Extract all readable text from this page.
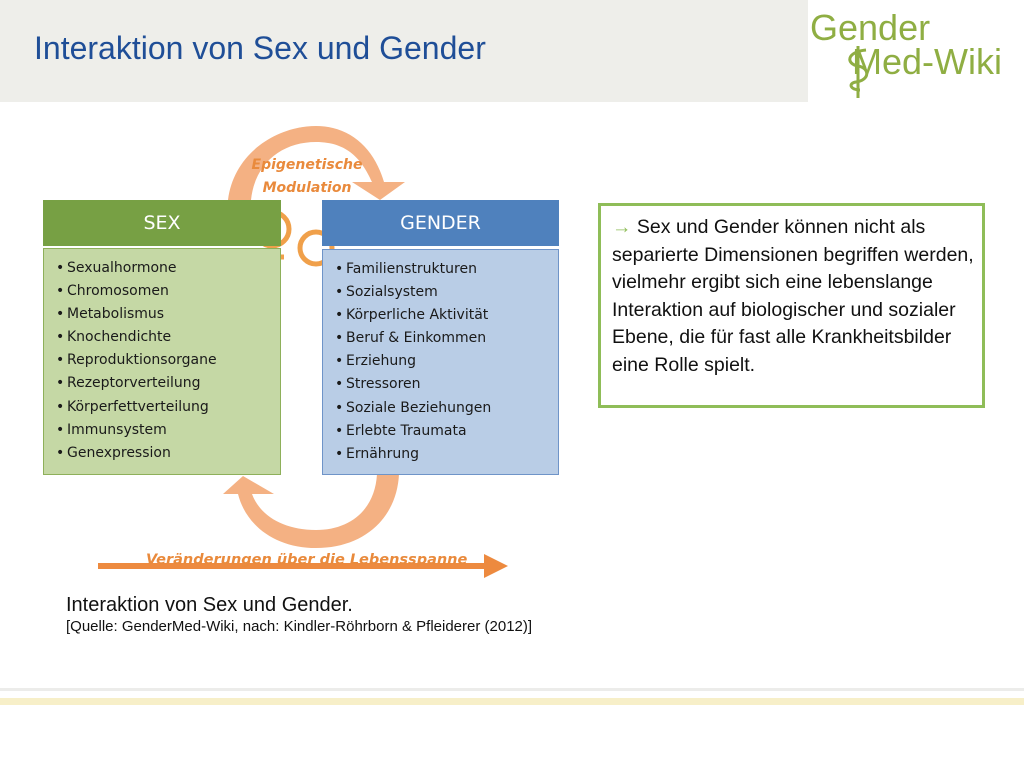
Interaktion von Sex und Gender	Gender
Med-Wiki
Epigenetische
Modulation
Veränderungen über die Lebensspanne
SEX
• Sexualhormone
• Chromosomen
• Metabolismus
• Knochendichte
• Reproduktionsorgane
• Rezeptorverteilung
• Körperfettverteilung
• Immunsystem
• Genexpression
GENDER
• Familienstrukturen
• Sozialsystem
• Körperliche Aktivität
• Beruf & Einkommen
• Erziehung
• Stressoren
• Soziale Beziehungen
• Erlebte Traumata
• Ernährung
→ Sex und Gender können nicht als separierte Dimensionen begriffen werden, vielmehr ergibt sich eine lebenslange Interaktion auf biologischer und sozialer Ebene, die für fast alle Krankheitsbilder eine Rolle spielt.
Interaktion von Sex und Gender.
[Quelle: GenderMed-Wiki, nach: Kindler-Röhrborn & Pfleiderer (2012)]
